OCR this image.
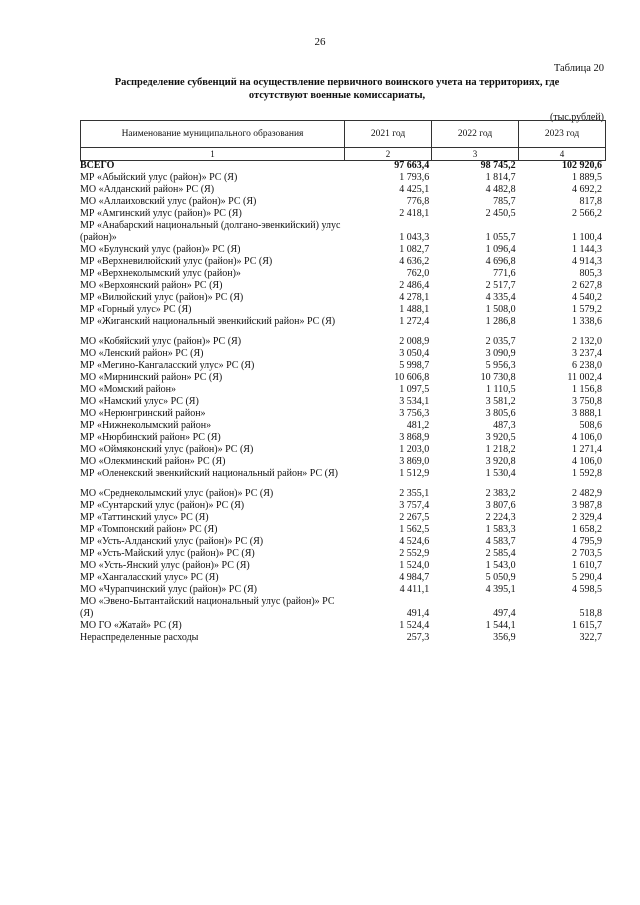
26
Таблица 20
Распределение субвенций на осуществление первичного воинского учета на территориях, где отсутствуют военные комиссариаты,
(тыс.рублей)
Наименование муниципального образования	2021 год	2022 год	2023 год
1	2	3	4
ВСЕГО	97 663,4	98 745,2	102 920,6
МР «Абыйский улус (район)» РС (Я)	1 793,6	1 814,7	1 889,5
МО «Алданский район» РС (Я)	4 425,1	4 482,8	4 692,2
МО «Аллаиховский улус (район)» РС (Я)	776,8	785,7	817,8
МР «Амгинский улус (район)» РС (Я)	2 418,1	2 450,5	2 566,2
МР «Анабарский национальный (долгано-эвенкийский) улус (район)»	1 043,3	1 055,7	1 100,4
МО «Булунский улус (район)» РС (Я)	1 082,7	1 096,4	1 144,3
МР «Верхневилюйский улус (район)» РС (Я)	4 636,2	4 696,8	4 914,3
МР «Верхнеколымский улус (район)»	762,0	771,6	805,3
МО «Верхоянский район» РС (Я)	2 486,4	2 517,7	2 627,8
МР «Вилюйский улус (район)» РС (Я)	4 278,1	4 335,4	4 540,2
МР «Горный улус» РС (Я)	1 488,1	1 508,0	1 579,2
МР «Жиганский национальный эвенкийский район» РС (Я)	1 272,4	1 286,8	1 338,6
МО «Кобяйский улус (район)» РС (Я)	2 008,9	2 035,7	2 132,0
МО «Ленский район» РС (Я)	3 050,4	3 090,9	3 237,4
МР «Мегино-Кангаласский улус» РС (Я)	5 998,7	5 956,3	6 238,0
МО «Мирнинский район» РС (Я)	10 606,8	10 730,8	11 002,4
МО «Момский район»	1 097,5	1 110,5	1 156,8
МО «Намский улус» РС (Я)	3 534,1	3 581,2	3 750,8
МО «Нерюнгринский район»	3 756,3	3 805,6	3 888,1
МР «Нижнеколымский район»	481,2	487,3	508,6
МР «Нюрбинский район» РС (Я)	3 868,9	3 920,5	4 106,0
МО «Оймяконский улус (район)» РС (Я)	1 203,0	1 218,2	1 271,4
МО «Олекминский район» РС (Я)	3 869,0	3 920,8	4 106,0
МР «Оленекский эвенкийский национальный район» РС (Я)	1 512,9	1 530,4	1 592,8
МО «Среднеколымский улус (район)» РС (Я)	2 355,1	2 383,2	2 482,9
МР «Сунтарский улус (район)» РС (Я)	3 757,4	3 807,6	3 987,8
МР «Таттинский улус» РС (Я)	2 267,5	2 224,3	2 329,4
МР «Томпонский район» РС (Я)	1 562,5	1 583,3	1 658,2
МР «Усть-Алданский улус (район)» РС (Я)	4 524,6	4 583,7	4 795,9
МР «Усть-Майский улус (район)» РС (Я)	2 552,9	2 585,4	2 703,5
МО «Усть-Янский улус (район)» РС (Я)	1 524,0	1 543,0	1 610,7
МР «Хангаласский улус» РС (Я)	4 984,7	5 050,9	5 290,4
МО «Чурапчинский улус (район)» РС (Я)	4 411,1	4 395,1	4 598,5
МО «Эвено-Бытантайский национальный улус (район)» РС (Я)	491,4	497,4	518,8
МО ГО «Жатай» РС (Я)	1 524,4	1 544,1	1 615,7
Нераспределенные расходы	257,3	356,9	322,7
